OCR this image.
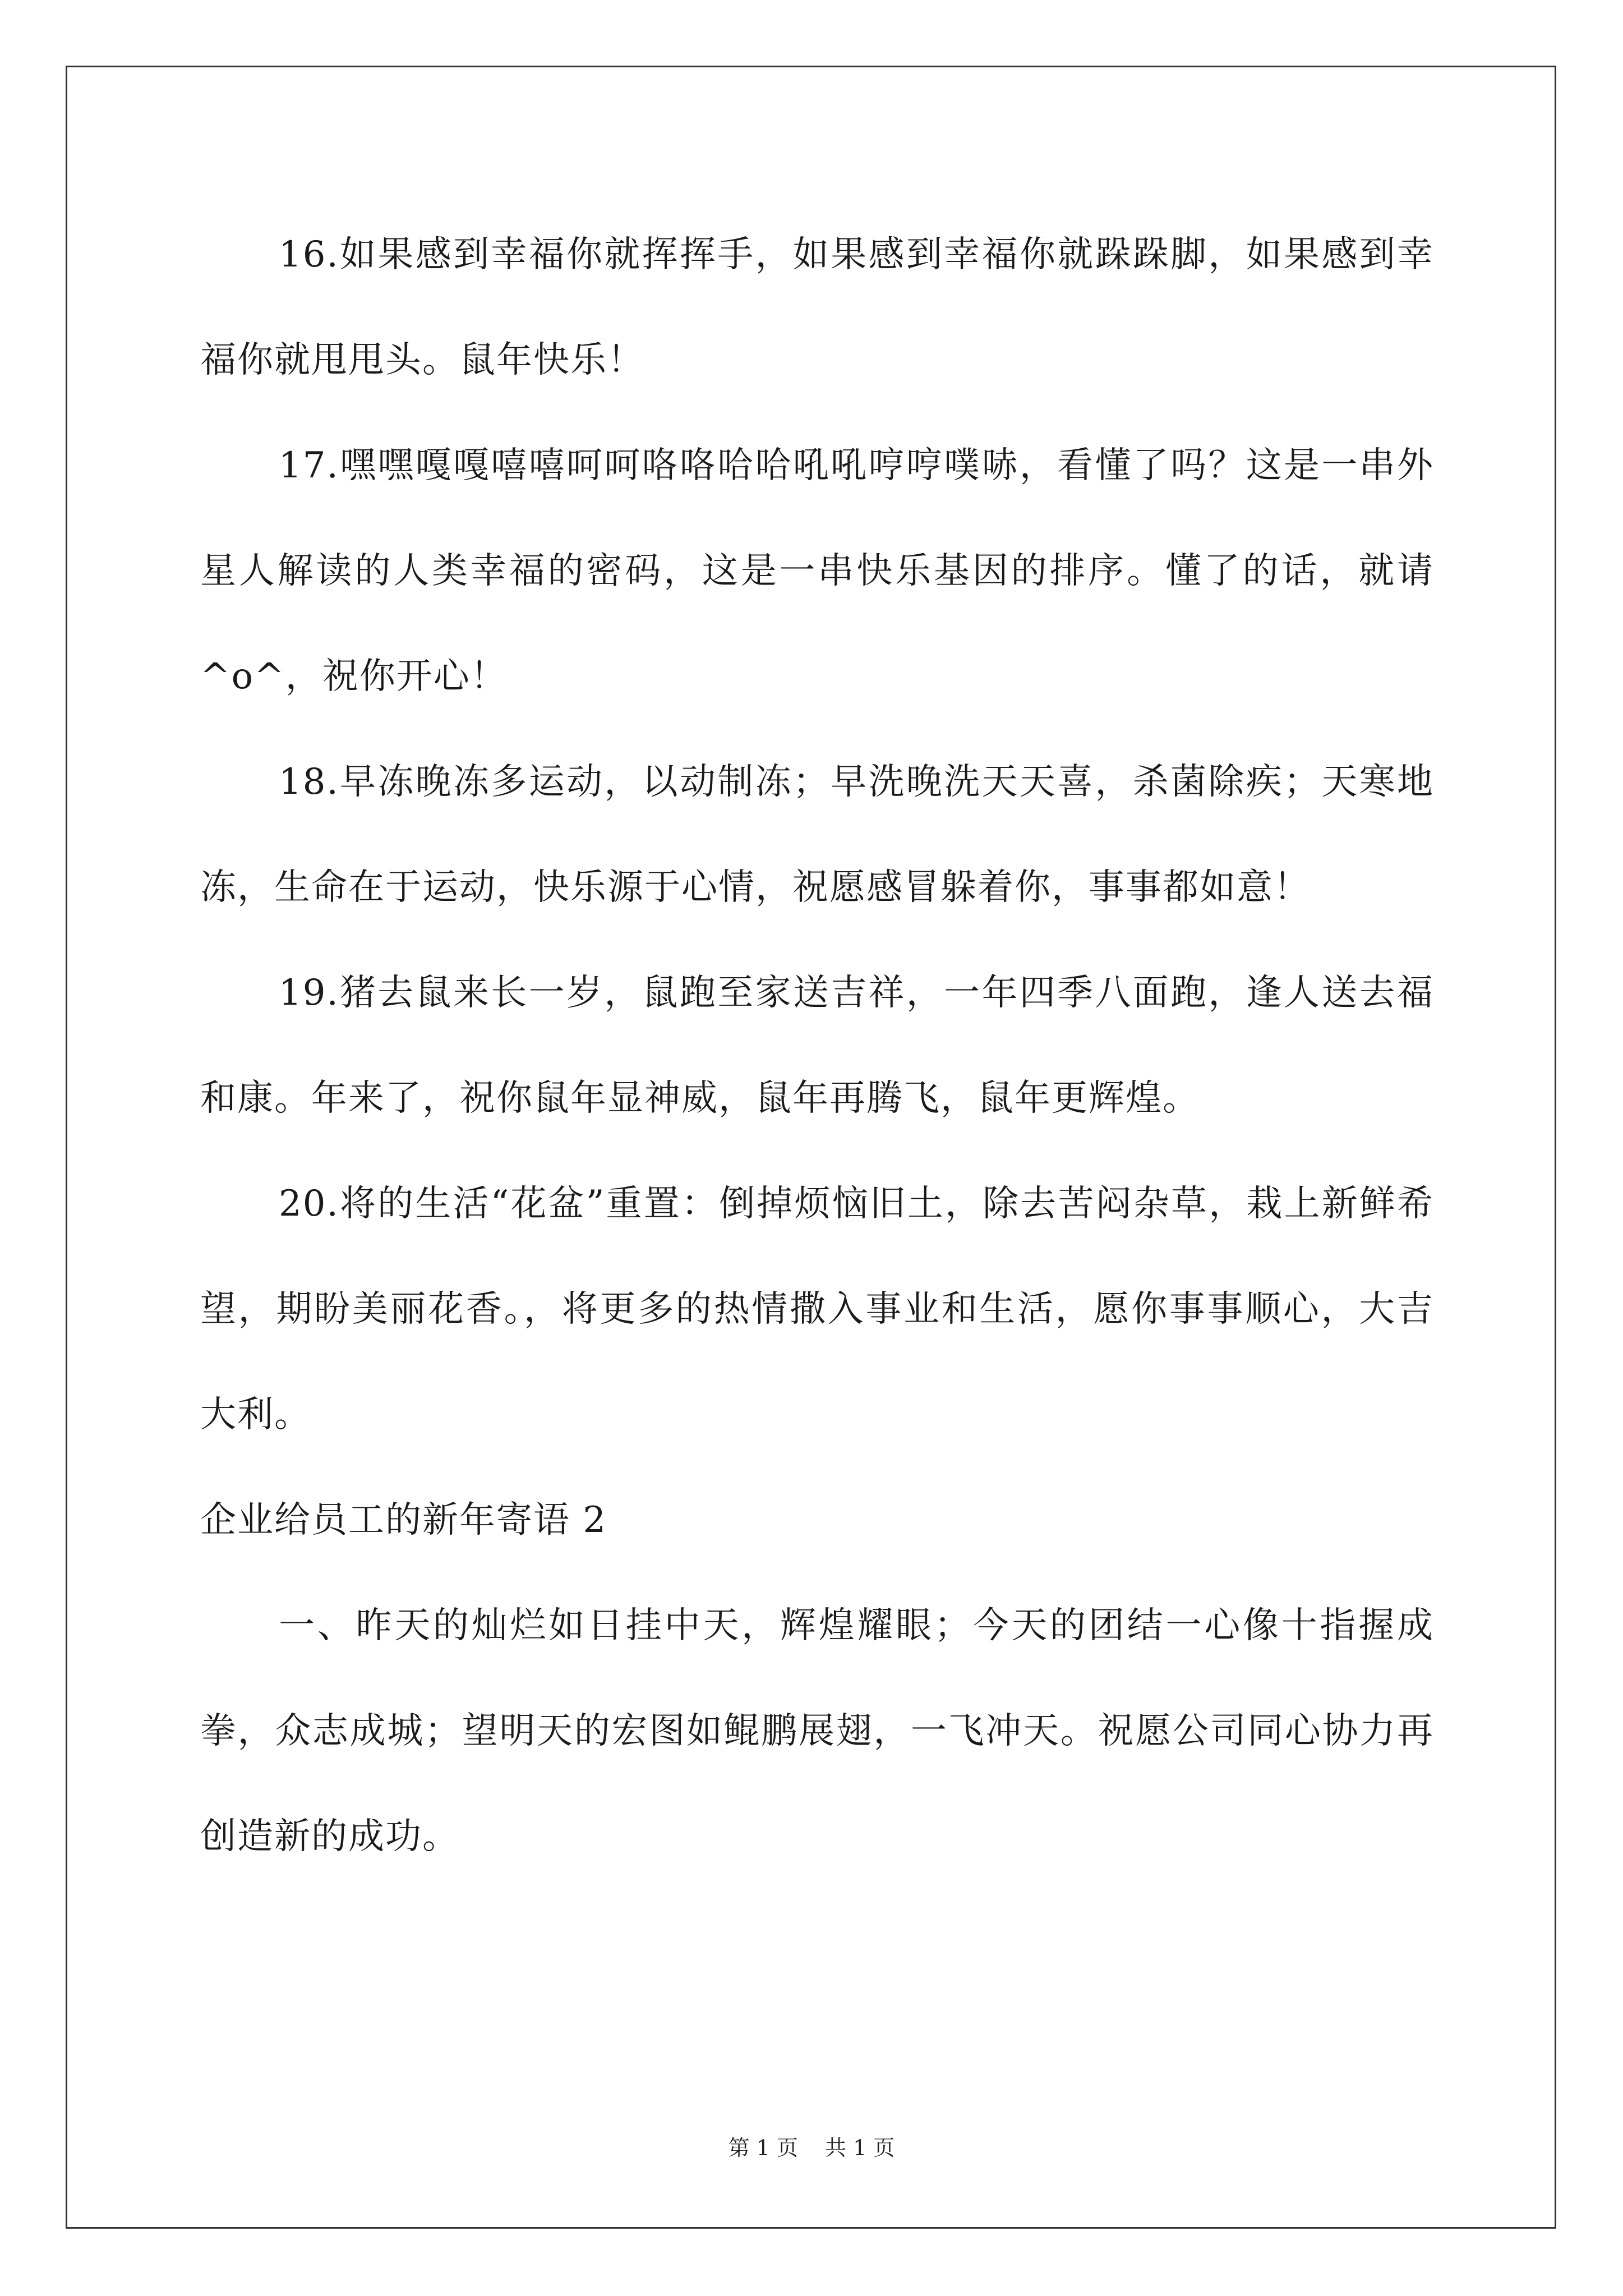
16.如果感到幸福你就挥挥手，如果感到幸福你就跺跺脚，如果感到幸福你就甩甩头。鼠年快乐！

17.嘿嘿嘎嘎嘻嘻呵呵咯咯哈哈吼吼哼哼噗哧，看懂了吗？这是一串外星人解读的人类幸福的密码，这是一串快乐基因的排序。懂了的话，就请^o^，祝你开心！

18.早冻晚冻多运动，以动制冻；早洗晚洗天天喜，杀菌除疾；天寒地冻，生命在于运动，快乐源于心情，祝愿感冒躲着你，事事都如意！

19.猪去鼠来长一岁，鼠跑至家送吉祥，一年四季八面跑，逢人送去福和康。年来了，祝你鼠年显神威，鼠年再腾飞，鼠年更辉煌。

20.将的生活“花盆”重置：倒掉烦恼旧土，除去苦闷杂草，栽上新鲜希望，期盼美丽花香。，将更多的热情撒入事业和生活，愿你事事顺心，大吉大利。

企业给员工的新年寄语 2

一、昨天的灿烂如日挂中天，辉煌耀眼；今天的团结一心像十指握成拳，众志成城；望明天的宏图如鲲鹏展翅，一飞冲天。祝愿公司同心协力再创造新的成功。

第 1 页 共 1 页
